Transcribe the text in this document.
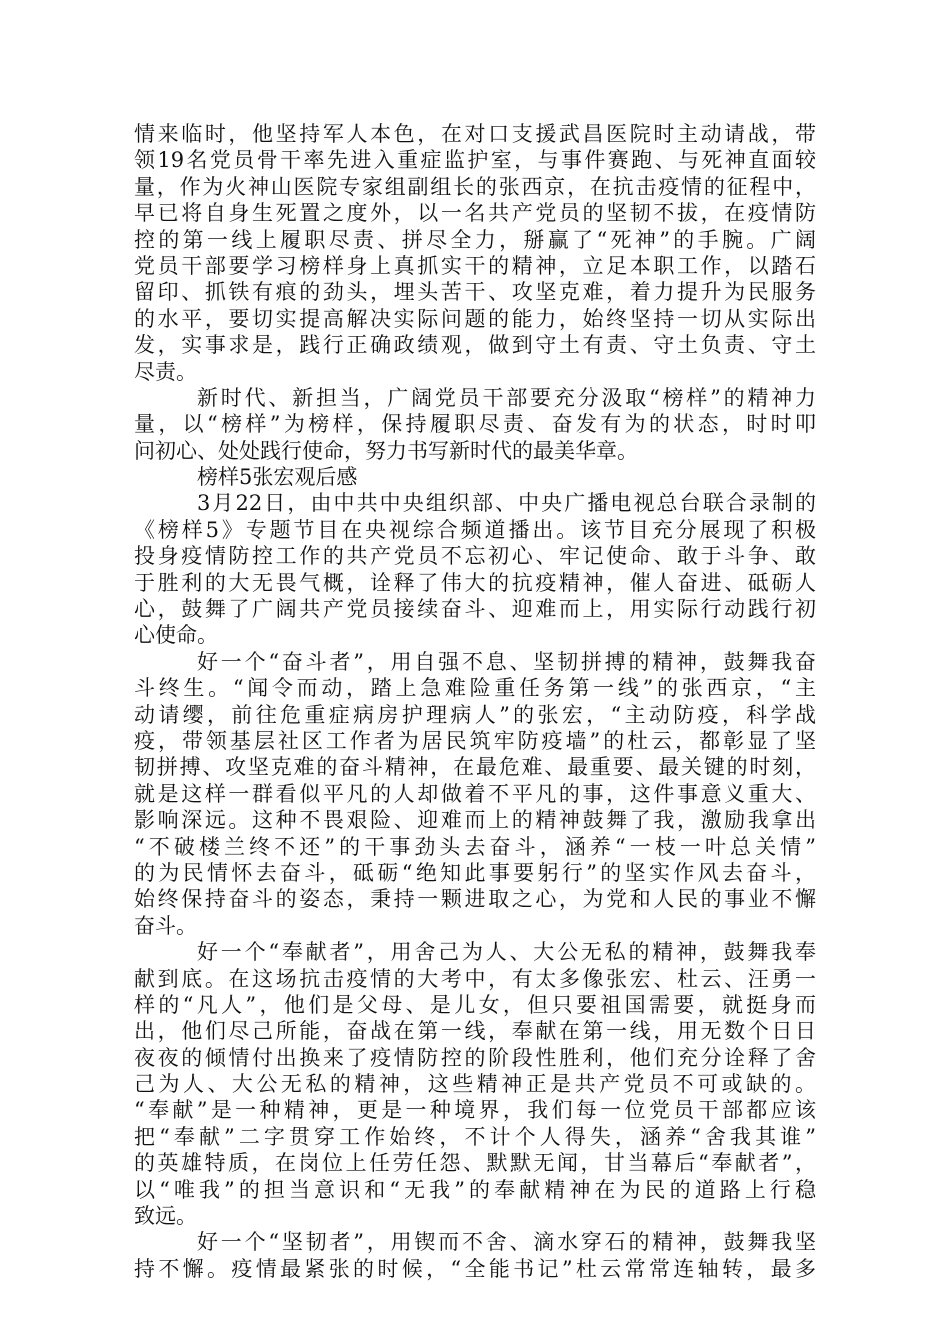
情来临时，他坚持军人本色，在对口支援武昌医院时主动请战，带
领19名党员骨干率先进入重症监护室，与事件赛跑、与死神直面较
量，作为火神山医院专家组副组长的张西京，在抗击疫情的征程中，
早已将自身生死置之度外，以一名共产党员的坚韧不拔，在疫情防
控的第一线上履职尽责、拼尽全力，掰赢了“死神”的手腕。广阔
党员干部要学习榜样身上真抓实干的精神，立足本职工作，以踏石
留印、抓铁有痕的劲头，埋头苦干、攻坚克难，着力提升为民服务
的水平，要切实提高解决实际问题的能力，始终坚持一切从实际出
发，实事求是，践行正确政绩观，做到守土有责、守土负责、守土
尽责。
新时代、新担当，广阔党员干部要充分汲取“榜样”的精神力
量，以“榜样”为榜样，保持履职尽责、奋发有为的状态，时时叩
问初心、处处践行使命，努力书写新时代的最美华章。
榜样5张宏观后感
3月22日，由中共中央组织部、中央广播电视总台联合录制的
《榜样5》专题节目在央视综合频道播出。该节目充分展现了积极
投身疫情防控工作的共产党员不忘初心、牢记使命、敢于斗争、敢
于胜利的大无畏气概，诠释了伟大的抗疫精神，催人奋进、砥砺人
心，鼓舞了广阔共产党员接续奋斗、迎难而上，用实际行动践行初
心使命。
好一个“奋斗者”，用自强不息、坚韧拼搏的精神，鼓舞我奋
斗终生。“闻令而动，踏上急难险重任务第一线”的张西京，“主
动请缨，前往危重症病房护理病人”的张宏，“主动防疫，科学战
疫，带领基层社区工作者为居民筑牢防疫墙”的杜云，都彰显了坚
韧拼搏、攻坚克难的奋斗精神，在最危难、最重要、最关键的时刻，
就是这样一群看似平凡的人却做着不平凡的事，这件事意义重大、
影响深远。这种不畏艰险、迎难而上的精神鼓舞了我，激励我拿出
“不破楼兰终不还”的干事劲头去奋斗，涵养“一枝一叶总关情”
的为民情怀去奋斗，砥砺“绝知此事要躬行”的坚实作风去奋斗，
始终保持奋斗的姿态，秉持一颗进取之心，为党和人民的事业不懈
奋斗。
好一个“奉献者”，用舍己为人、大公无私的精神，鼓舞我奉
献到底。在这场抗击疫情的大考中，有太多像张宏、杜云、汪勇一
样的“凡人”，他们是父母、是儿女，但只要祖国需要，就挺身而
出，他们尽己所能，奋战在第一线，奉献在第一线，用无数个日日
夜夜的倾情付出换来了疫情防控的阶段性胜利，他们充分诠释了舍
己为人、大公无私的精神，这些精神正是共产党员不可或缺的。
“奉献”是一种精神，更是一种境界，我们每一位党员干部都应该
把“奉献”二字贯穿工作始终，不计个人得失，涵养“舍我其谁”
的英雄特质，在岗位上任劳任怨、默默无闻，甘当幕后“奉献者”，
以“唯我”的担当意识和“无我”的奉献精神在为民的道路上行稳
致远。
好一个“坚韧者”，用锲而不舍、滴水穿石的精神，鼓舞我坚
持不懈。疫情最紧张的时候，“全能书记”杜云常常连轴转，最多
